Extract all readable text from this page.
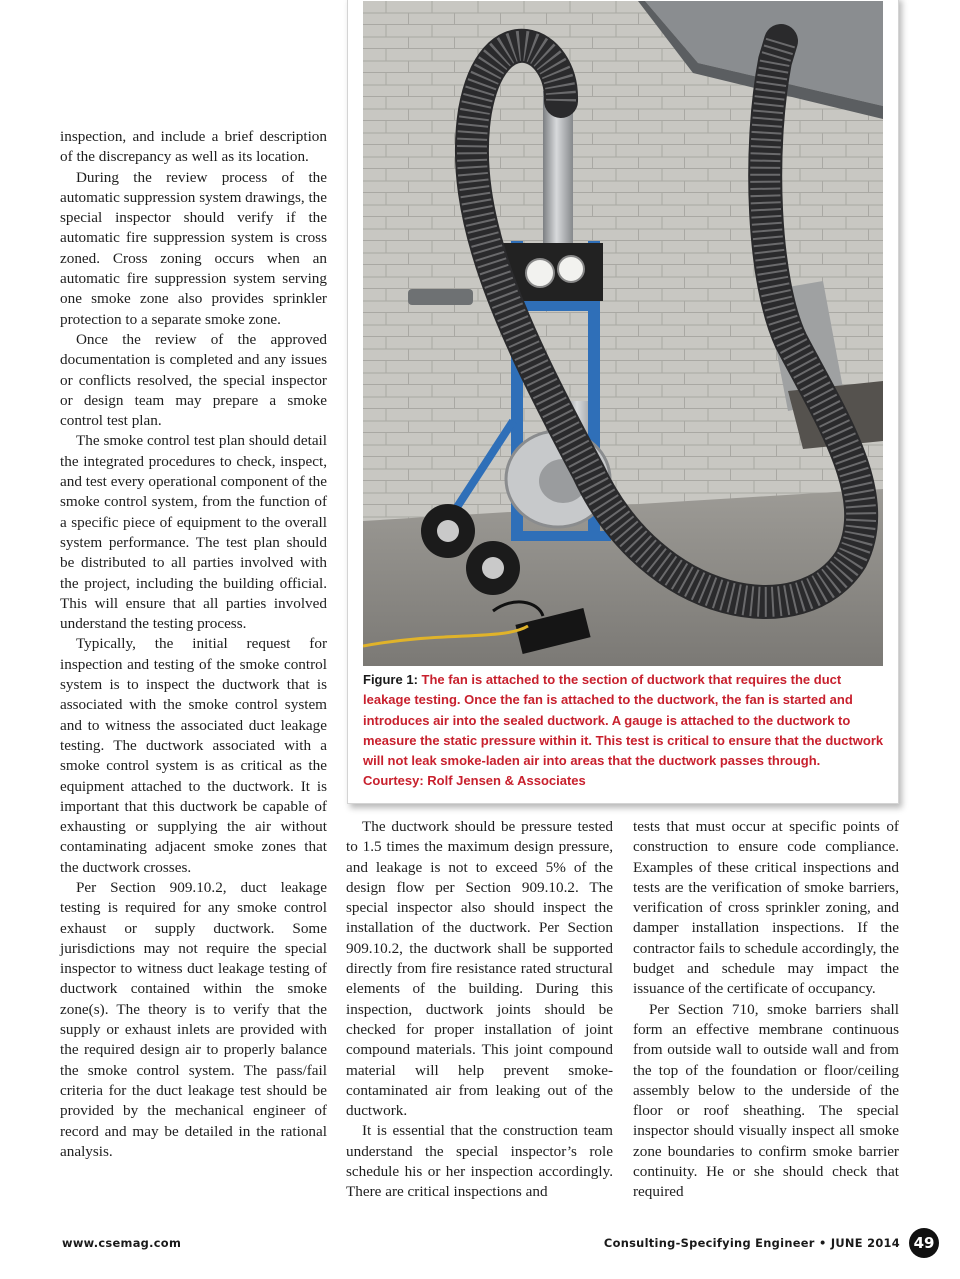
inspection, and include a brief description of the discrepancy as well as its location.

During the review process of the automatic suppression system drawings, the special inspector should verify if the automatic fire suppression system is cross zoned. Cross zoning occurs when an automatic fire suppression system serving one smoke zone also provides sprinkler protection to a separate smoke zone.

Once the review of the approved documentation is completed and any issues or conflicts resolved, the special inspector or design team may prepare a smoke control test plan.

The smoke control test plan should detail the integrated procedures to check, inspect, and test every operational component of the smoke control system, from the function of a specific piece of equipment to the overall system performance. The test plan should be distributed to all parties involved with the project, including the building official. This will ensure that all parties involved understand the testing process.

Typically, the initial request for inspection and testing of the smoke control system is to inspect the ductwork that is associated with the smoke control system and to witness the associated duct leakage testing. The ductwork associated with a smoke control system is as critical as the equipment attached to the ductwork. It is important that this ductwork be capable of exhausting or supplying the air without contaminating adjacent smoke zones that the ductwork crosses.

Per Section 909.10.2, duct leakage testing is required for any smoke control exhaust or supply ductwork. Some jurisdictions may not require the special inspector to witness duct leakage testing of ductwork contained within the smoke zone(s). The theory is to verify that the supply or exhaust inlets are provided with the required design air to properly balance the smoke control system. The pass/fail criteria for the duct leakage test should be provided by the mechanical engineer of record and may be detailed in the rational analysis.

Figure 1: The fan is attached to the section of ductwork that requires the duct leakage testing. Once the fan is attached to the ductwork, the fan is started and introduces air into the sealed ductwork. A gauge is attached to the ductwork to measure the static pressure within it. This test is critical to ensure that the ductwork will not leak smoke-laden air into areas that the ductwork passes through.
Courtesy: Rolf Jensen & Associates

The ductwork should be pressure tested to 1.5 times the maximum design pressure, and leakage is not to exceed 5% of the design flow per Section 909.10.2. The special inspector also should inspect the installation of the ductwork. Per Section 909.10.2, the ductwork shall be supported directly from fire resistance rated structural elements of the building. During this inspection, ductwork joints should be checked for proper installation of joint compound materials. This joint compound material will help prevent smoke-contaminated air from leaking out of the ductwork.

It is essential that the construction team understand the special inspector’s role schedule his or her inspection accordingly. There are critical inspections and

tests that must occur at specific points of construction to ensure code compliance. Examples of these critical inspections and tests are the verification of smoke barriers, verification of cross sprinkler zoning, and damper installation inspections. If the contractor fails to schedule accordingly, the budget and schedule may impact the issuance of the certificate of occupancy.

Per Section 710, smoke barriers shall form an effective membrane continuous from outside wall to outside wall and from the top of the foundation or floor/ceiling assembly below to the underside of the floor or roof sheathing. The special inspector should visually inspect all smoke zone boundaries to confirm smoke barrier continuity. He or she should check that required

www.csemag.com	Consulting-Specifying Engineer • JUNE 2014 49
